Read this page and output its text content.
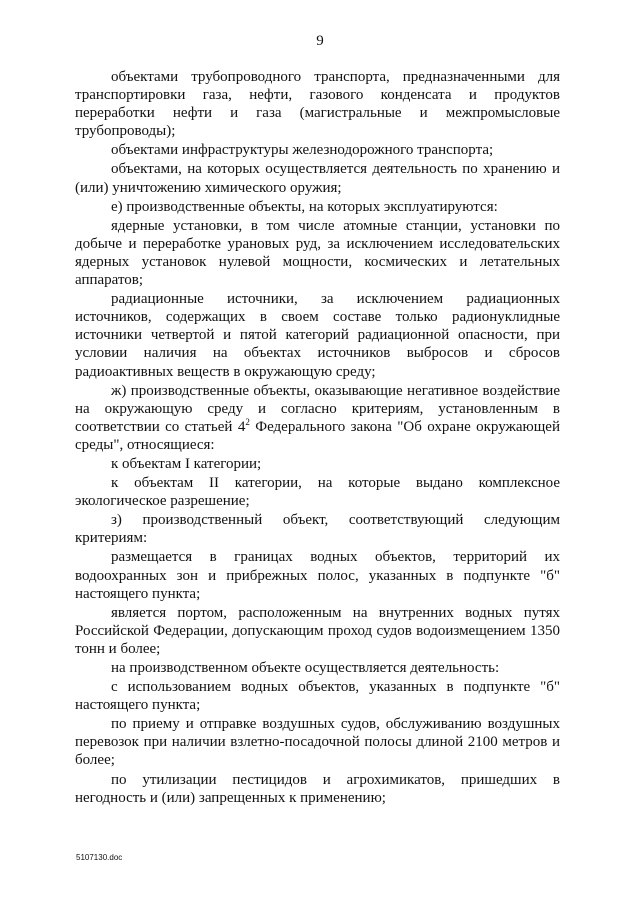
9

объектами трубопроводного транспорта, предназначенными для транспортировки газа, нефти, газового конденсата и продуктов переработки нефти и газа (магистральные и межпромысловые трубопроводы);

объектами инфраструктуры железнодорожного транспорта;

объектами, на которых осуществляется деятельность по хранению и (или) уничтожению химического оружия;

е) производственные объекты, на которых эксплуатируются:

ядерные установки, в том числе атомные станции, установки по добыче и переработке урановых руд, за исключением исследовательских ядерных установок нулевой мощности, космических и летательных аппаратов;

радиационные источники, за исключением радиационных источников, содержащих в своем составе только радионуклидные источники четвертой и пятой категорий радиационной опасности, при условии наличия на объектах источников выбросов и сбросов радиоактивных веществ в окружающую среду;

ж) производственные объекты, оказывающие негативное воздействие на окружающую среду и согласно критериям, установленным в соответствии со статьей $4^2$ Федерального закона "Об охране окружающей среды", относящиеся:

к объектам I категории;

к объектам II категории, на которые выдано комплексное экологическое разрешение;

з) производственный объект, соответствующий следующим критериям:

размещается в границах водных объектов, территорий их водоохранных зон и прибрежных полос, указанных в подпункте "б" настоящего пункта;

является портом, расположенным на внутренних водных путях Российской Федерации, допускающим проход судов водоизмещением 1350 тонн и более;

на производственном объекте осуществляется деятельность:

с использованием водных объектов, указанных в подпункте "б" настоящего пункта;

по приему и отправке воздушных судов, обслуживанию воздушных перевозок при наличии взлетно-посадочной полосы длиной 2100 метров и более;

по утилизации пестицидов и агрохимикатов, пришедших в негодность и (или) запрещенных к применению;

5107130.doc
